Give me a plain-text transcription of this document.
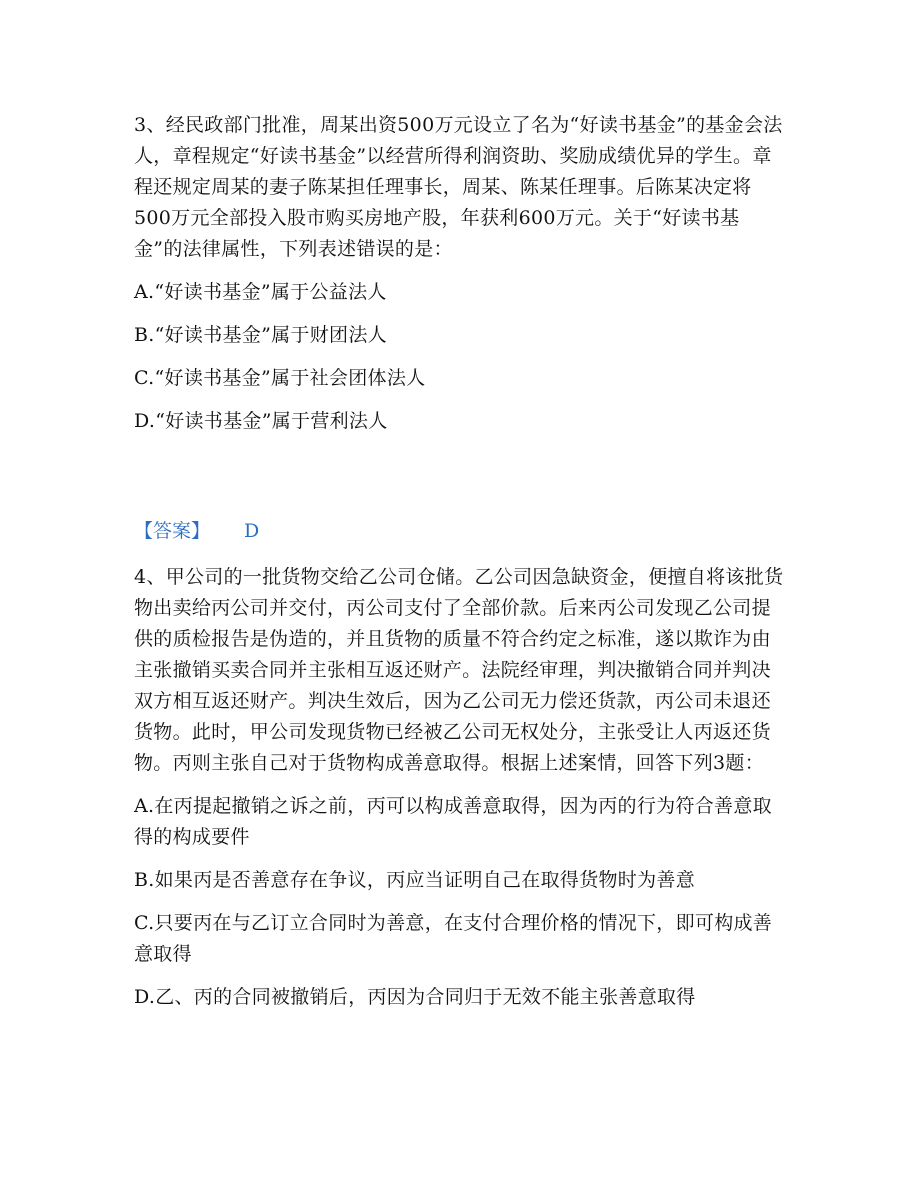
3、经民政部门批准，周某出资500万元设立了名为“好读书基金”的基金会法人，章程规定“好读书基金”以经营所得利润资助、奖励成绩优异的学生。章程还规定周某的妻子陈某担任理事长，周某、陈某任理事。后陈某决定将500万元全部投入股市购买房地产股，年获利600万元。关于“好读书基金”的法律属性，下列表述错误的是：

A.“好读书基金”属于公益法人

B.“好读书基金”属于财团法人

C.“好读书基金”属于社会团体法人

D.“好读书基金”属于营利法人

【答案】 D

4、甲公司的一批货物交给乙公司仓储。乙公司因急缺资金，便擅自将该批货物出卖给丙公司并交付，丙公司支付了全部价款。后来丙公司发现乙公司提供的质检报告是伪造的，并且货物的质量不符合约定之标准，遂以欺诈为由主张撤销买卖合同并主张相互返还财产。法院经审理，判决撤销合同并判决双方相互返还财产。判决生效后，因为乙公司无力偿还货款，丙公司未退还货物。此时，甲公司发现货物已经被乙公司无权处分，主张受让人丙返还货物。丙则主张自己对于货物构成善意取得。根据上述案情，回答下列3题：

A.在丙提起撤销之诉之前，丙可以构成善意取得，因为丙的行为符合善意取得的构成要件

B.如果丙是否善意存在争议，丙应当证明自己在取得货物时为善意

C.只要丙在与乙订立合同时为善意，在支付合理价格的情况下，即可构成善意取得

D.乙、丙的合同被撤销后，丙因为合同归于无效不能主张善意取得
